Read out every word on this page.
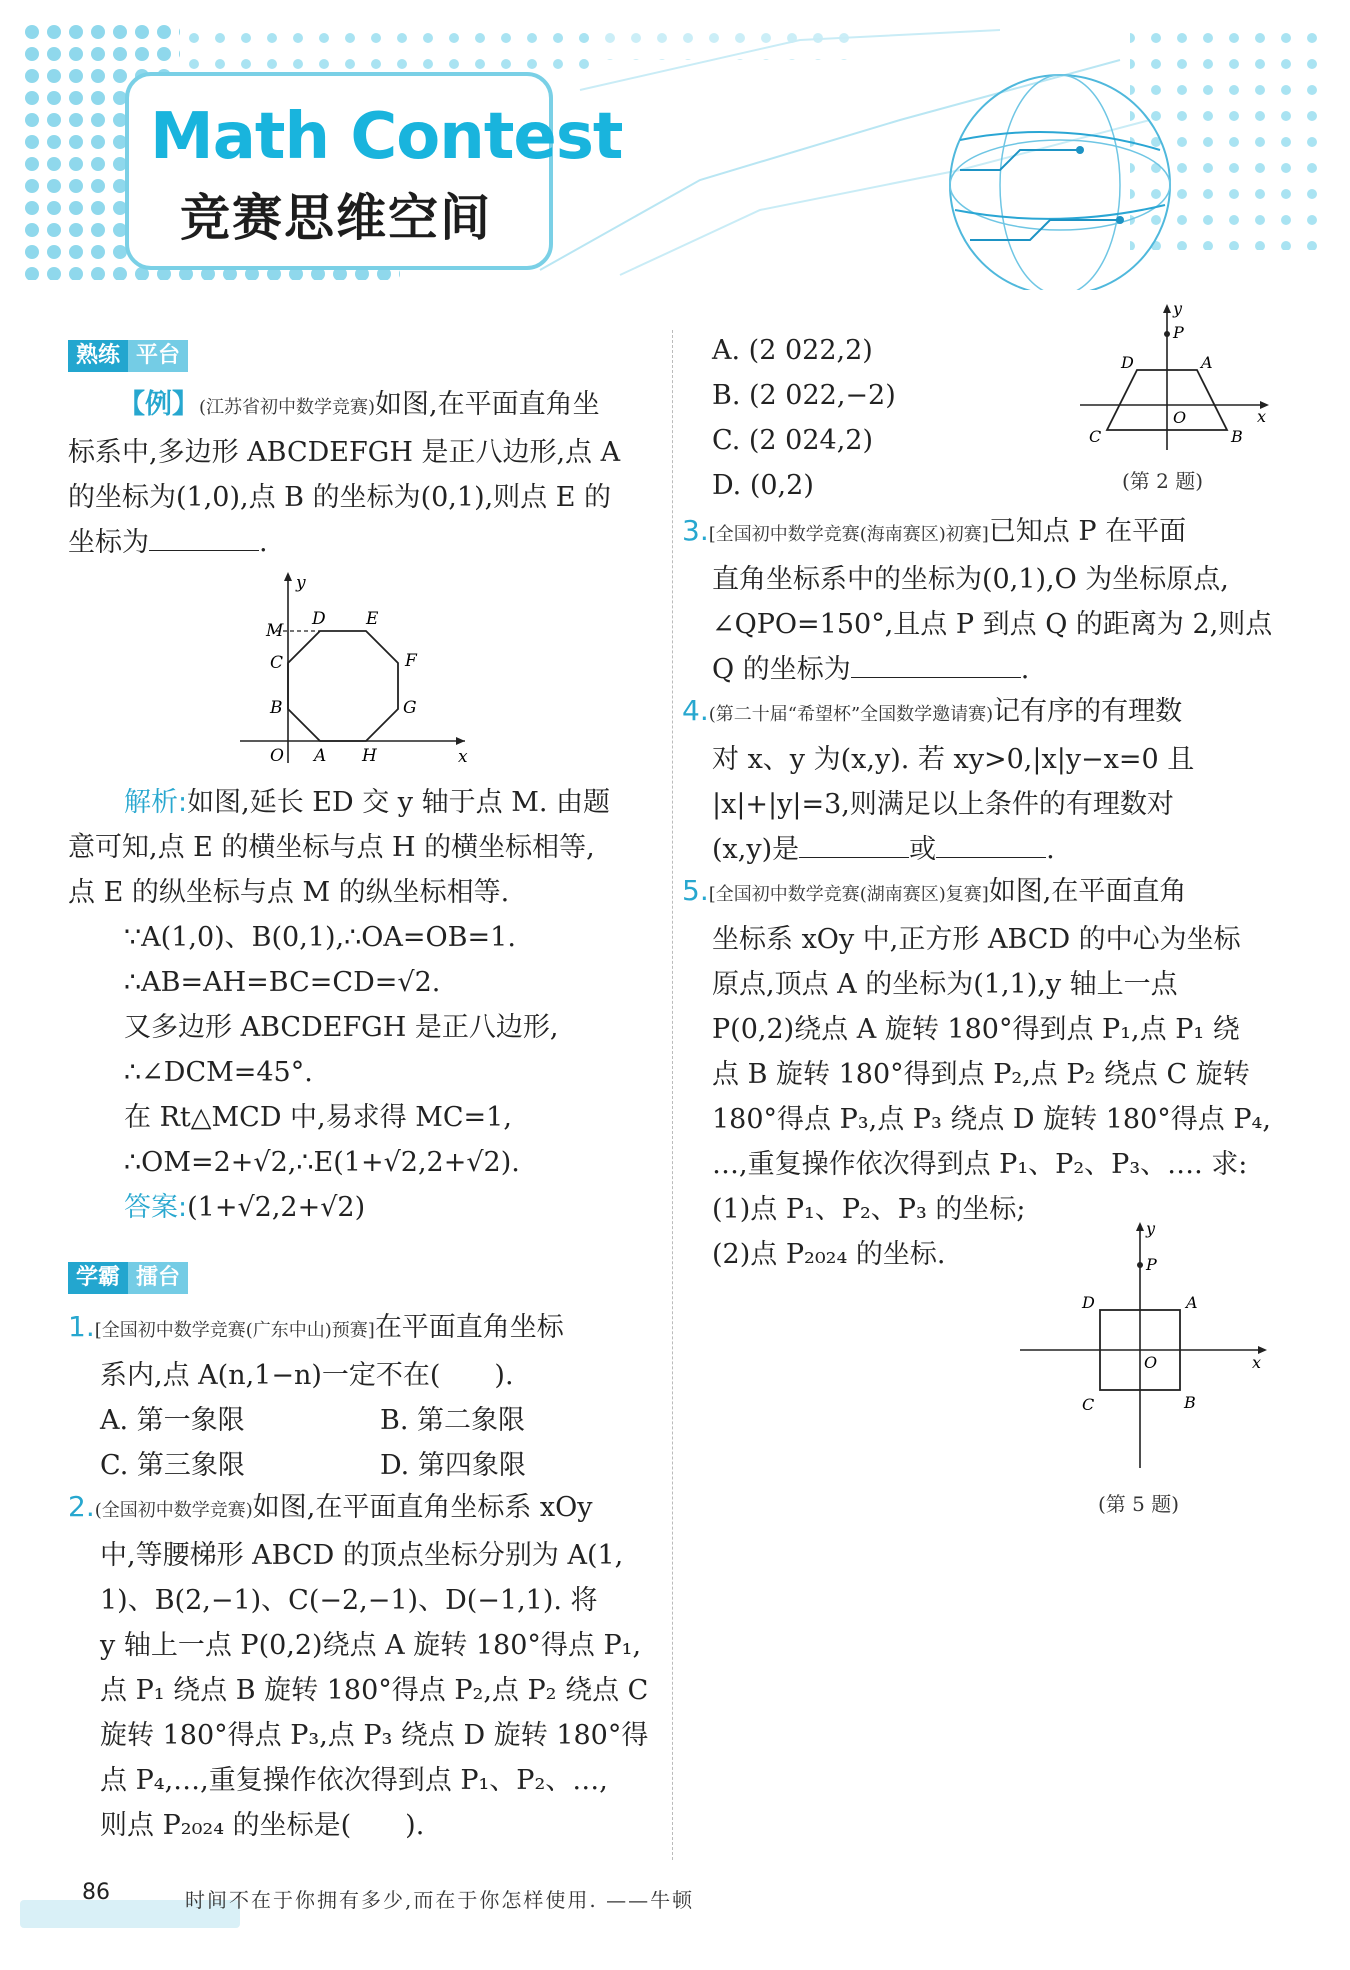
Math Contest
竞赛思维空间
熟练 平台
【例】(江苏省初中数学竞赛)如图,在平面直角坐
标系中,多边形 ABCDEFGH 是正八边形,点 A
的坐标为(1,0),点 B 的坐标为(0,1),则点 E 的
坐标为	.
y
x
O
M
D E
C	F
B	G
A H
解析:如图,延长 ED 交 y 轴于点 M. 由题
意可知,点 E 的横坐标与点 H 的横坐标相等,
点 E 的纵坐标与点 M 的纵坐标相等.
∵A(1,0)、B(0,1),∴OA=OB=1.
∴AB=AH=BC=CD=√2.
又多边形 ABCDEFGH 是正八边形,
∴∠DCM=45°.
在 Rt△MCD 中,易求得 MC=1,
∴OM=2+√2,∴E(1+√2,2+√2).
答案:(1+√2,2+√2)
学霸 擂台
1.[全国初中数学竞赛(广东中山)预赛]在平面直角坐标
系内,点 A(n,1−n)一定不在(　　).
A. 第一象限	B. 第二象限
C. 第三象限	D. 第四象限
2.(全国初中数学竞赛)如图,在平面直角坐标系 xOy
中,等腰梯形 ABCD 的顶点坐标分别为 A(1,
1)、B(2,−1)、C(−2,−1)、D(−1,1). 将
y 轴上一点 P(0,2)绕点 A 旋转 180°得点 P₁,
点 P₁ 绕点 B 旋转 180°得点 P₂,点 P₂ 绕点 C
旋转 180°得点 P₃,点 P₃ 绕点 D 旋转 180°得
点 P₄,…,重复操作依次得到点 P₁、P₂、…,
则点 P₂₀₂₄ 的坐标是(　　).
A. (2 022,2)
B. (2 022,−2)
C. (2 024,2)
D. (0,2)
y
P
D	A
O	x
C	B
(第 2 题)
3.[全国初中数学竞赛(海南赛区)初赛]已知点 P 在平面
直角坐标系中的坐标为(0,1),O 为坐标原点,
∠QPO=150°,且点 P 到点 Q 的距离为 2,则点
Q 的坐标为	.
4.(第二十届“希望杯”全国数学邀请赛)记有序的有理数
对 x、y 为(x,y). 若 xy>0,|x|y−x=0 且
|x|+|y|=3,则满足以上条件的有理数对
(x,y)是	或	.
5.[全国初中数学竞赛(湖南赛区)复赛]如图,在平面直角
坐标系 xOy 中,正方形 ABCD 的中心为坐标
原点,顶点 A 的坐标为(1,1),y 轴上一点
P(0,2)绕点 A 旋转 180°得到点 P₁,点 P₁ 绕
点 B 旋转 180°得到点 P₂,点 P₂ 绕点 C 旋转
180°得点 P₃,点 P₃ 绕点 D 旋转 180°得点 P₄,
…,重复操作依次得到点 P₁、P₂、P₃、…. 求:
(1)点 P₁、P₂、P₃ 的坐标;
(2)点 P₂₀₂₄ 的坐标.
y
P
D	A
O	x
C	B
(第 5 题)
86	时间不在于你拥有多少,而在于你怎样使用. ——牛顿
